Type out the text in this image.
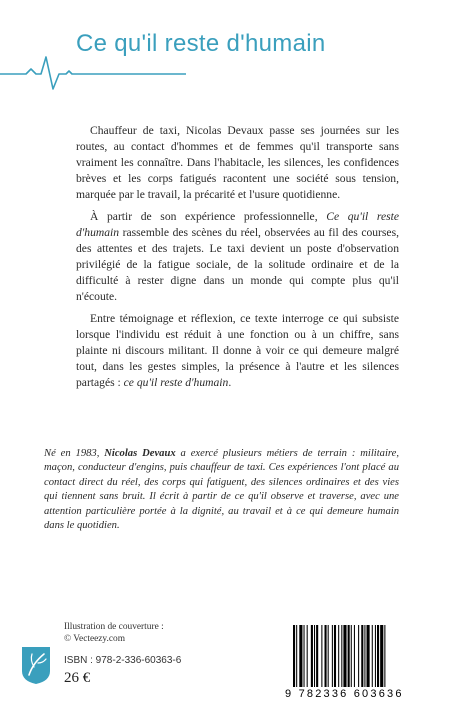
Ce qu'il reste d'humain

Chauffeur de taxi, Nicolas Devaux passe ses journées sur les routes, au contact d'hommes et de femmes qu'il transporte sans vraiment les connaître. Dans l'habitacle, les silences, les confidences brèves et les corps fatigués racontent une société sous tension, marquée par le travail, la précarité et l'usure quotidienne.

À partir de son expérience professionnelle, Ce qu'il reste d'humain rassemble des scènes du réel, observées au fil des courses, des attentes et des trajets. Le taxi devient un poste d'observation privilégié de la fatigue sociale, de la solitude ordinaire et de la difficulté à rester digne dans un monde qui compte plus qu'il n'écoute.

Entre témoignage et réflexion, ce texte interroge ce qui subsiste lorsque l'individu est réduit à une fonction ou à un chiffre, sans plainte ni discours militant. Il donne à voir ce qui demeure malgré tout, dans les gestes simples, la présence à l'autre et les silences partagés : ce qu'il reste d'humain.

Né en 1983, Nicolas Devaux a exercé plusieurs métiers de terrain : militaire, maçon, conducteur d'engins, puis chauffeur de taxi. Ces expériences l'ont placé au contact direct du réel, des corps qui fatiguent, des silences ordinaires et des vies qui tiennent sans bruit. Il écrit à partir de ce qu'il observe et traverse, avec une attention particulière portée à la dignité, au travail et à ce qui demeure humain dans le quotidien.

Illustration de couverture :
© Vecteezy.com
ISBN : 978-2-336-60363-6
26 €
9 782336 603636
